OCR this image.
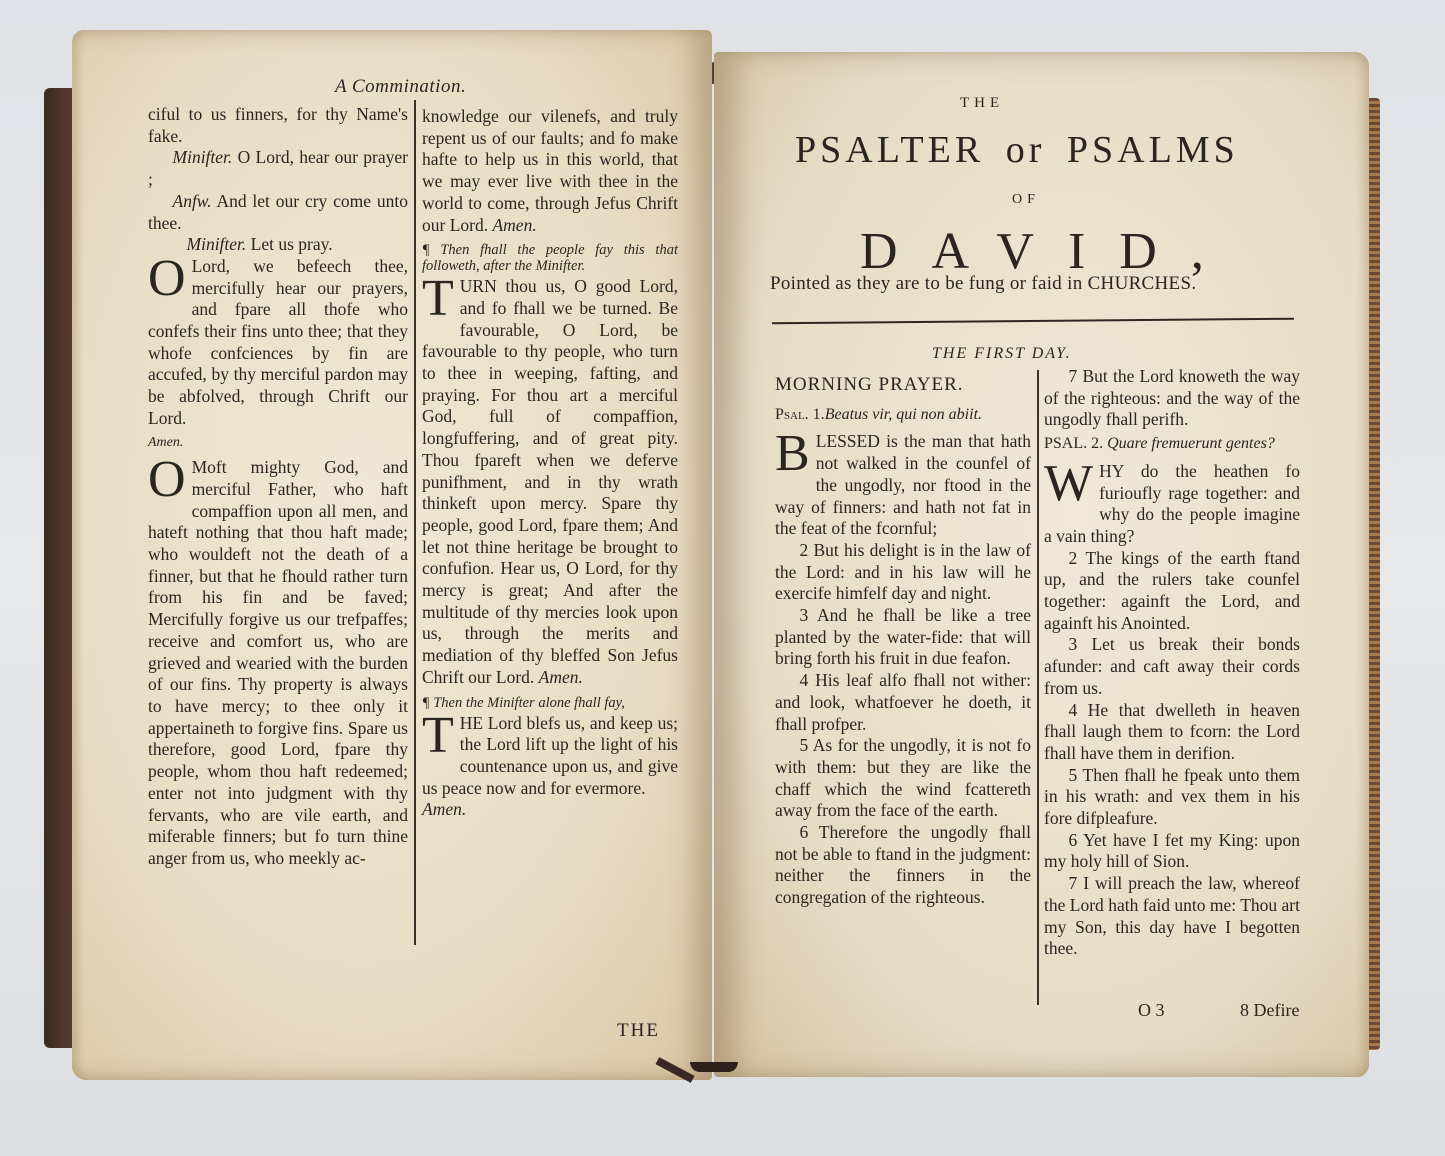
A Commination.

ciful to us finners, for thy Name's fake.

Minifter. O Lord, hear our prayer ;

Anfw. And let our cry come unto thee.

Minifter. Let us pray.

O Lord, we befeech thee, mercifully hear our prayers, and fpare all thofe who confefs their fins unto thee; that they whofe confciences by fin are accufed, by thy merciful pardon may be abfolved, through Chrift our Lord.
Amen.

O Moft mighty God, and merciful Father, who haft compaffion upon all men, and hateft nothing that thou haft made; who wouldeft not the death of a finner, but that he fhould rather turn from his fin and be faved; Mercifully forgive us our trefpaffes; receive and comfort us, who are grieved and wearied with the burden of our fins. Thy property is always to have mercy; to thee only it appertaineth to forgive fins. Spare us therefore, good Lord, fpare thy people, whom thou haft redeemed; enter not into judgment with thy fervants, who are vile earth, and miferable finners; but fo turn thine anger from us, who meekly ac-

knowledge our vilenefs, and truly repent us of our faults; and fo make hafte to help us in this world, that we may ever live with thee in the world to come, through Jefus Chrift our Lord. Amen.

¶ Then fhall the people fay this that followeth, after the Minifter.

TURN thou us, O good Lord, and fo fhall we be turned. Be favourable, O Lord, be favourable to thy people, who turn to thee in weeping, fafting, and praying. For thou art a merciful God, full of compaffion, longfuffering, and of great pity. Thou fpareft when we deferve punifhment, and in thy wrath thinkeft upon mercy. Spare thy people, good Lord, fpare them; And let not thine heritage be brought to confufion. Hear us, O Lord, for thy mercy is great; And after the multitude of thy mercies look upon us, through the merits and mediation of thy bleffed Son Jefus Chrift our Lord. Amen.

¶ Then the Minifter alone fhall fay,

THE Lord blefs us, and keep us; the Lord lift up the light of his countenance upon us, and give us peace now and for evermore.
Amen.

THE
THE
PSALTER or PSALMS
OF
DAVID,
Pointed as they are to be fung or faid in CHURCHES.
THE FIRST DAY.

MORNING PRAYER.

Psal. 1.Beatus vir, qui non abiit.

BLESSED is the man that hath not walked in the counfel of the ungodly, nor ftood in the way of finners: and hath not fat in the feat of the fcornful;

2 But his delight is in the law of the Lord: and in his law will he exercife himfelf day and night.

3 And he fhall be like a tree planted by the water-fide: that will bring forth his fruit in due feafon.

4 His leaf alfo fhall not wither: and look, whatfoever he doeth, it fhall profper.

5 As for the ungodly, it is not fo with them: but they are like the chaff which the wind fcattereth away from the face of the earth.

6 Therefore the ungodly fhall not be able to ftand in the judgment: neither the finners in the congregation of the righteous.

7 But the Lord knoweth the way of the righteous: and the way of the ungodly fhall perifh.

PSAL. 2. Quare fremuerunt gentes?

WHY do the heathen fo furioufly rage together: and why do the people imagine a vain thing?

2 The kings of the earth ftand up, and the rulers take counfel together: againft the Lord, and againft his Anointed.

3 Let us break their bonds afunder: and caft away their cords from us.

4 He that dwelleth in heaven fhall laugh them to fcorn: the Lord fhall have them in derifion.

5 Then fhall he fpeak unto them in his wrath: and vex them in his fore difpleafure.

6 Yet have I fet my King: upon my holy hill of Sion.

7 I will preach the law, whereof the Lord hath faid unto me: Thou art my Son, this day have I begotten thee.

O 3	8 Defire
